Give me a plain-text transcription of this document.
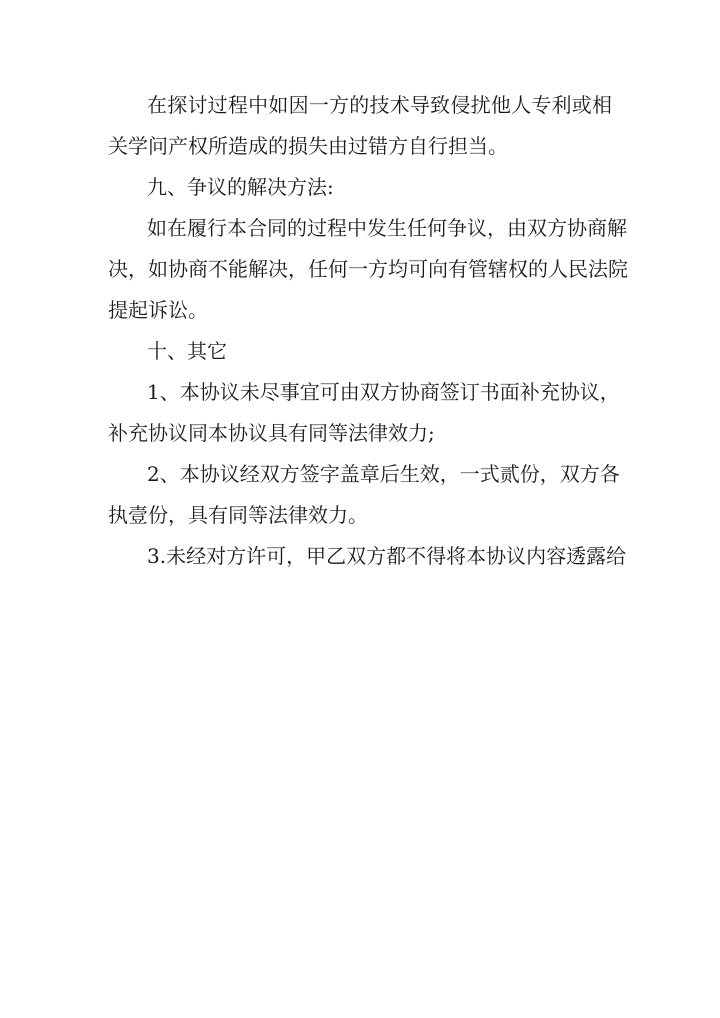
在探讨过程中如因一方的技术导致侵扰他人专利或相
关学问产权所造成的损失由过错方自行担当。
九、争议的解决方法:
如在履行本合同的过程中发生任何争议，由双方协商解
决，如协商不能解决，任何一方均可向有管辖权的人民法院
提起诉讼。
十、其它
1、本协议未尽事宜可由双方协商签订书面补充协议，
补充协议同本协议具有同等法律效力;
2、本协议经双方签字盖章后生效，一式贰份，双方各
执壹份，具有同等法律效力。
3.未经对方许可，甲乙双方都不得将本协议内容透露给
